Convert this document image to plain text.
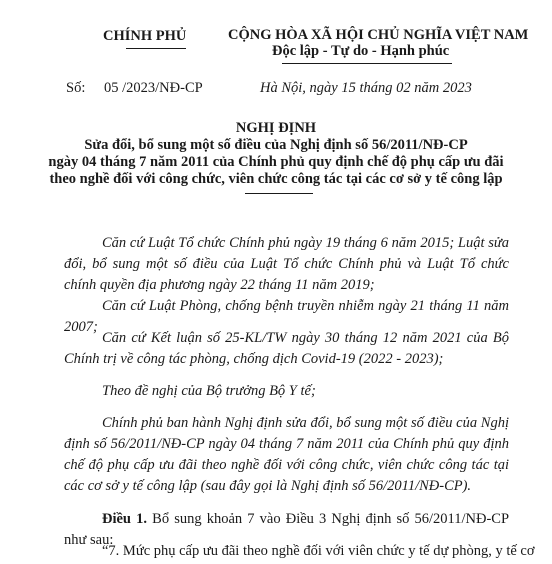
CHÍNH PHỦ	CỘNG HÒA XÃ HỘI CHỦ NGHĨA VIỆT NAM
Độc lập - Tự do - Hạnh phúc
Số: 05 /2023/NĐ-CP	Hà Nội, ngày 15 tháng 02 năm 2023
NGHỊ ĐỊNH
Sửa đổi, bổ sung một số điều của Nghị định số 56/2011/NĐ-CP
ngày 04 tháng 7 năm 2011 của Chính phủ quy định chế độ phụ cấp ưu đãi
theo nghề đối với công chức, viên chức công tác tại các cơ sở y tế công lập
Căn cứ Luật Tổ chức Chính phủ ngày 19 tháng 6 năm 2015; Luật sửa đổi, bổ sung một số điều của Luật Tổ chức Chính phủ và Luật Tổ chức chính quyền địa phương ngày 22 tháng 11 năm 2019;
Căn cứ Luật Phòng, chống bệnh truyền nhiễm ngày 21 tháng 11 năm 2007;
Căn cứ Kết luận số 25-KL/TW ngày 30 tháng 12 năm 2021 của Bộ Chính trị về công tác phòng, chống dịch Covid-19 (2022 - 2023);
Theo đề nghị của Bộ trưởng Bộ Y tế;
Chính phủ ban hành Nghị định sửa đổi, bổ sung một số điều của Nghị định số 56/2011/NĐ-CP ngày 04 tháng 7 năm 2011 của Chính phủ quy định chế độ phụ cấp ưu đãi theo nghề đối với công chức, viên chức công tác tại các cơ sở y tế công lập (sau đây gọi là Nghị định số 56/2011/NĐ-CP).
Điều 1. Bổ sung khoản 7 vào Điều 3 Nghị định số 56/2011/NĐ-CP như sau:
“7. Mức phụ cấp ưu đãi theo nghề đối với viên chức y tế dự phòng, y tế cơ
